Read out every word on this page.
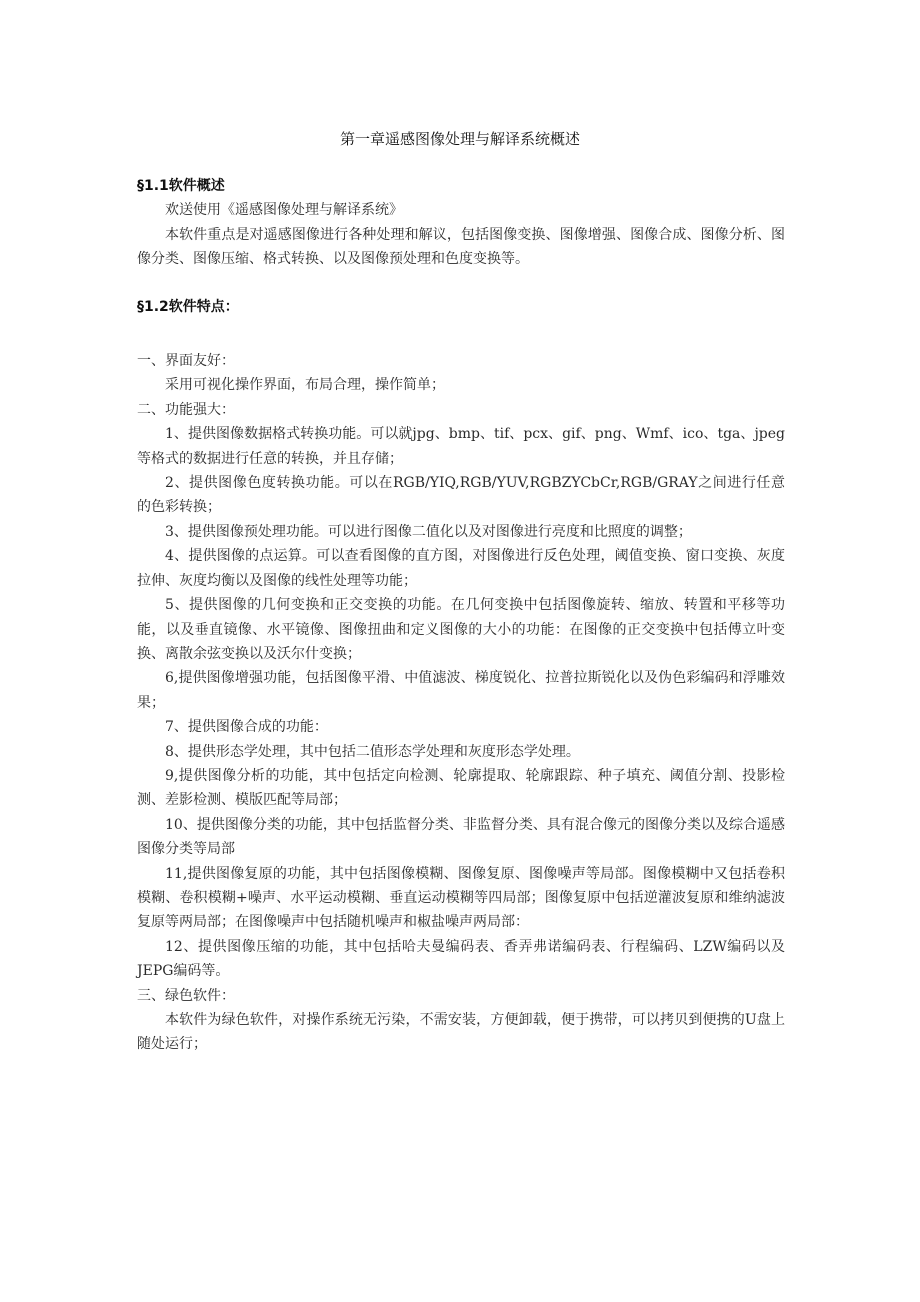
第一章遥感图像处理与解译系统概述

§1.1软件概述

欢送使用《遥感图像处理与解译系统》

本软件重点是对遥感图像进行各种处理和解议，包括图像变换、图像增强、图像合成、图像分析、图像分类、图像压缩、格式转换、以及图像预处理和色度变换等。

§1.2软件特点：

一、界面友好：

采用可视化操作界面，布局合理，操作简单；

二、功能强大：

1、提供图像数据格式转换功能。可以就jpg、bmp、tif、pcx、gif、png、Wmf、ico、tga、jpeg等格式的数据进行任意的转换，并且存储；

2、提供图像色度转换功能。可以在RGB/YIQ,RGB/YUV,RGBZYCbCr,RGB/GRAY之间进行任意的色彩转换；

3、提供图像预处理功能。可以进行图像二值化以及对图像进行亮度和比照度的调整；

4、提供图像的点运算。可以查看图像的直方图，对图像进行反色处理，阈值变换、窗口变换、灰度拉伸、灰度均衡以及图像的线性处理等功能；

5、提供图像的几何变换和正交变换的功能。在几何变换中包括图像旋转、缩放、转置和平移等功能，以及垂直镜像、水平镜像、图像扭曲和定义图像的大小的功能：在图像的正交变换中包括傅立叶变换、离散余弦变换以及沃尔什变换；

6,提供图像增强功能，包括图像平滑、中值滤波、梯度锐化、拉普拉斯锐化以及伪色彩编码和浮雕效果；

7、提供图像合成的功能：

8、提供形态学处理，其中包括二值形态学处理和灰度形态学处理。

9,提供图像分析的功能，其中包括定向检测、轮廓提取、轮廓跟踪、种子填充、阈值分割、投影检测、差影检测、模版匹配等局部；

10、提供图像分类的功能，其中包括监督分类、非监督分类、具有混合像元的图像分类以及综合遥感图像分类等局部

11,提供图像复原的功能，其中包括图像模糊、图像复原、图像噪声等局部。图像模糊中又包括卷积模糊、卷积模糊+噪声、水平运动模糊、垂直运动模糊等四局部；图像复原中包括逆灌波复原和维纳滤波复原等两局部；在图像噪声中包括随机噪声和椒盐噪声两局部：

12、提供图像压缩的功能，其中包括哈夫曼编码表、香弄弗诺编码表、行程编码、LZW编码以及JEPG编码等。

三、绿色软件：

本软件为绿色软件，对操作系统无污染，不需安装，方便卸载，便于携带，可以拷贝到便携的U盘上随处运行；
